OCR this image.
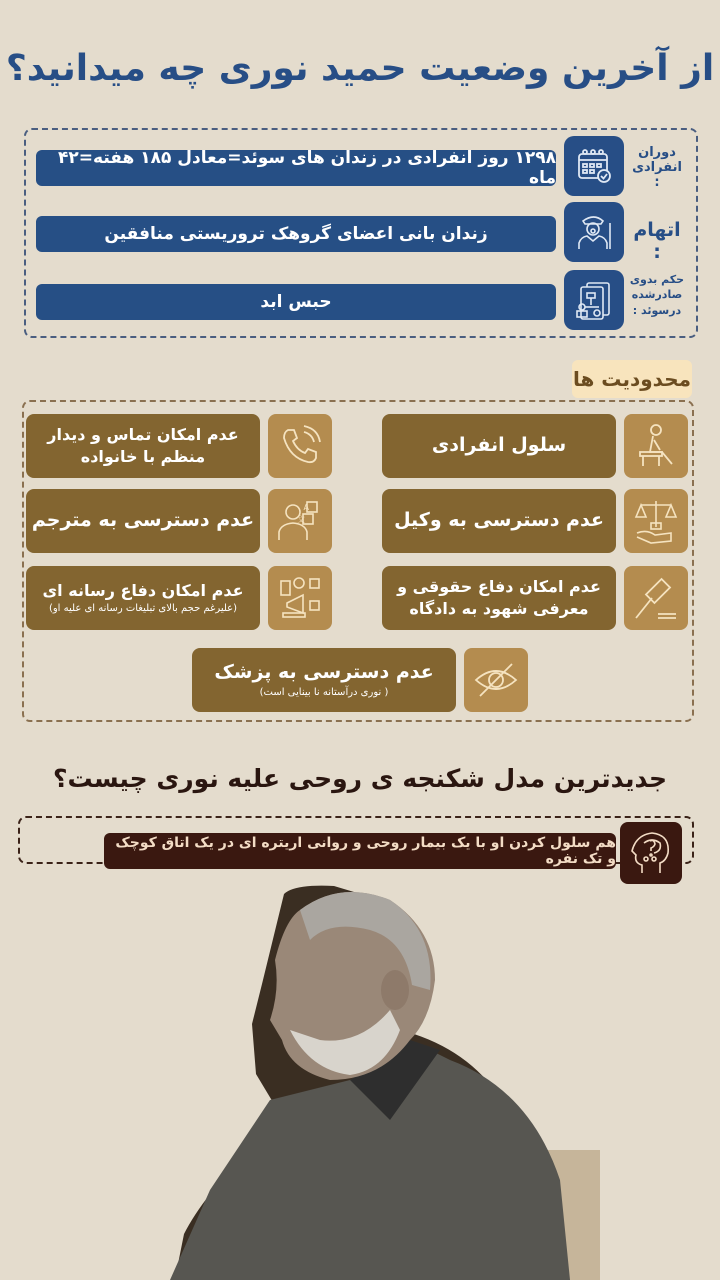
از آخرین وضعیت حمید نوری چه میدانید؟
دوران انفرادی :
۱۲۹۸ روز انفرادی در زندان های سوئد=معادل ۱۸۵ هفته=۴۲ ماه
اتهام :
زندان بانی اعضای گروهک تروریستی منافقین
حکم بدوی صادرشده درسوئد :
حبس ابد
محدودیت ها
سلول انفرادی
عدم امکان تماس و دیدار منظم با خانواده
عدم دسترسی به وکیل
A
文
عدم دسترسی به مترجم
عدم امکان دفاع حقوقی و معرفی شهود به دادگاه
عدم امکان دفاع رسانه ای
(علیرغم حجم بالای تبلیغات رسانه ای علیه او)
عدم دسترسی به پزشک
( نوری درآستانه نا بینایی است)
جدیدترین مدل شکنجه ی روحی علیه نوری چیست؟
هم سلول کردن او با یک بیمار روحی و روانی اریتره ای در یک اتاق کوچک و تک نفره
